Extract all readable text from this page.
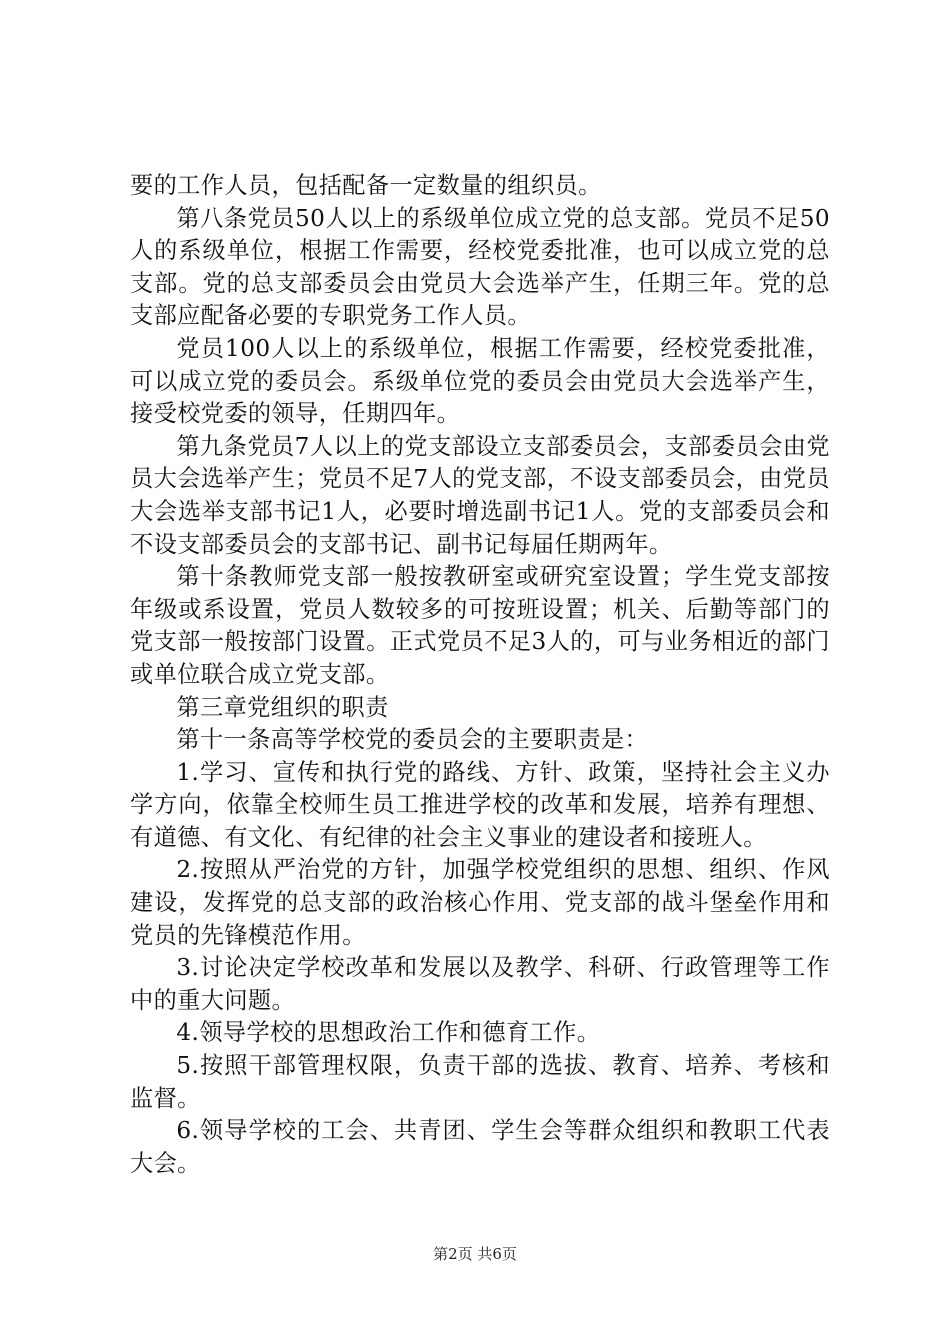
要的工作人员，包括配备一定数量的组织员。

第八条党员50人以上的系级单位成立党的总支部。党员不足50人的系级单位，根据工作需要，经校党委批准，也可以成立党的总支部。党的总支部委员会由党员大会选举产生，任期三年。党的总支部应配备必要的专职党务工作人员。

党员100人以上的系级单位，根据工作需要，经校党委批准，可以成立党的委员会。系级单位党的委员会由党员大会选举产生，接受校党委的领导，任期四年。

第九条党员7人以上的党支部设立支部委员会，支部委员会由党员大会选举产生；党员不足7人的党支部，不设支部委员会，由党员大会选举支部书记1人，必要时增选副书记1人。党的支部委员会和不设支部委员会的支部书记、副书记每届任期两年。

第十条教师党支部一般按教研室或研究室设置；学生党支部按年级或系设置，党员人数较多的可按班设置；机关、后勤等部门的党支部一般按部门设置。正式党员不足3人的，可与业务相近的部门或单位联合成立党支部。

第三章党组织的职责

第十一条高等学校党的委员会的主要职责是：

1.学习、宣传和执行党的路线、方针、政策，坚持社会主义办学方向，依靠全校师生员工推进学校的改革和发展，培养有理想、有道德、有文化、有纪律的社会主义事业的建设者和接班人。

2.按照从严治党的方针，加强学校党组织的思想、组织、作风建设，发挥党的总支部的政治核心作用、党支部的战斗堡垒作用和党员的先锋模范作用。

3.讨论决定学校改革和发展以及教学、科研、行政管理等工作中的重大问题。

4.领导学校的思想政治工作和德育工作。

5.按照干部管理权限，负责干部的选拔、教育、培养、考核和监督。

6.领导学校的工会、共青团、学生会等群众组织和教职工代表大会。

第2页 共6页
